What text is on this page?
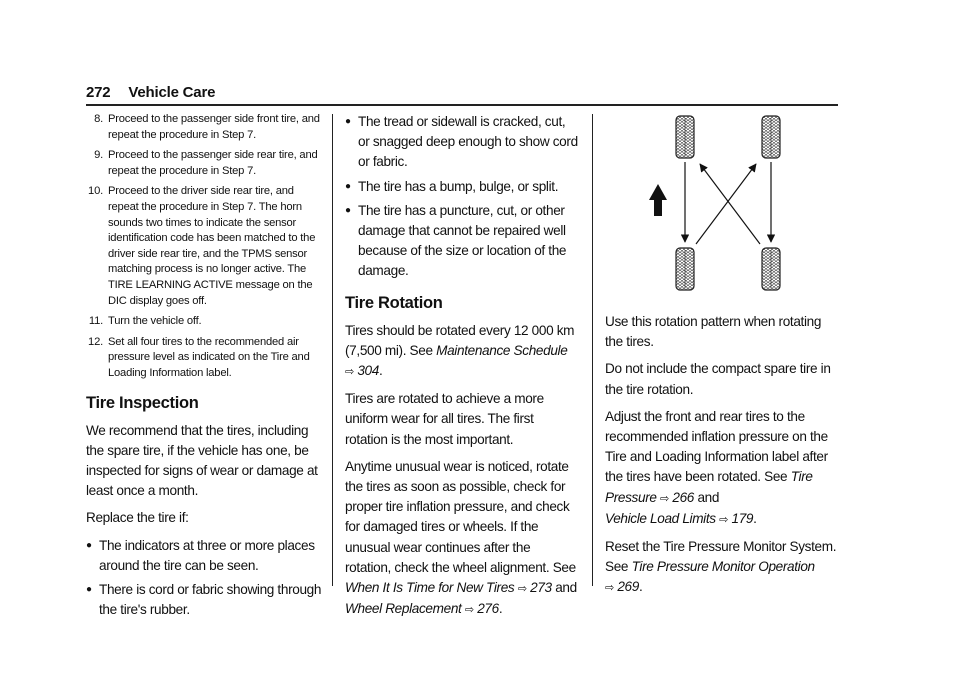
272 Vehicle Care
8. Proceed to the passenger side front tire, and repeat the procedure in Step 7.
9. Proceed to the passenger side rear tire, and repeat the procedure in Step 7.
10. Proceed to the driver side rear tire, and repeat the procedure in Step 7. The horn sounds two times to indicate the sensor identification code has been matched to the driver side rear tire, and the TPMS sensor matching process is no longer active. The TIRE LEARNING ACTIVE message on the DIC display goes off.
11. Turn the vehicle off.
12. Set all four tires to the recommended air pressure level as indicated on the Tire and Loading Information label.
Tire Inspection

We recommend that the tires, including the spare tire, if the vehicle has one, be inspected for signs of wear or damage at least once a month.

Replace the tire if:

● The indicators at three or more places around the tire can be seen.
● There is cord or fabric showing through the tire's rubber.
● The tread or sidewall is cracked, cut, or snagged deep enough to show cord or fabric.
● The tire has a bump, bulge, or split.
● The tire has a puncture, cut, or other damage that cannot be repaired well because of the size or location of the damage.
Tire Rotation

Tires should be rotated every 12 000 km (7,500 mi). See Maintenance Schedule ⇨ 304.

Tires are rotated to achieve a more uniform wear for all tires. The first rotation is the most important.

Anytime unusual wear is noticed, rotate the tires as soon as possible, check for proper tire inflation pressure, and check for damaged tires or wheels. If the unusual wear continues after the rotation, check the wheel alignment. See When It Is Time for New Tires ⇨ 273 and
Wheel Replacement ⇨ 276.

Use this rotation pattern when rotating the tires.

Do not include the compact spare tire in the tire rotation.

Adjust the front and rear tires to the recommended inflation pressure on the Tire and Loading Information label after the tires have been rotated. See Tire Pressure ⇨ 266 and
Vehicle Load Limits ⇨ 179.

Reset the Tire Pressure Monitor System. See Tire Pressure Monitor Operation
⇨ 269.
